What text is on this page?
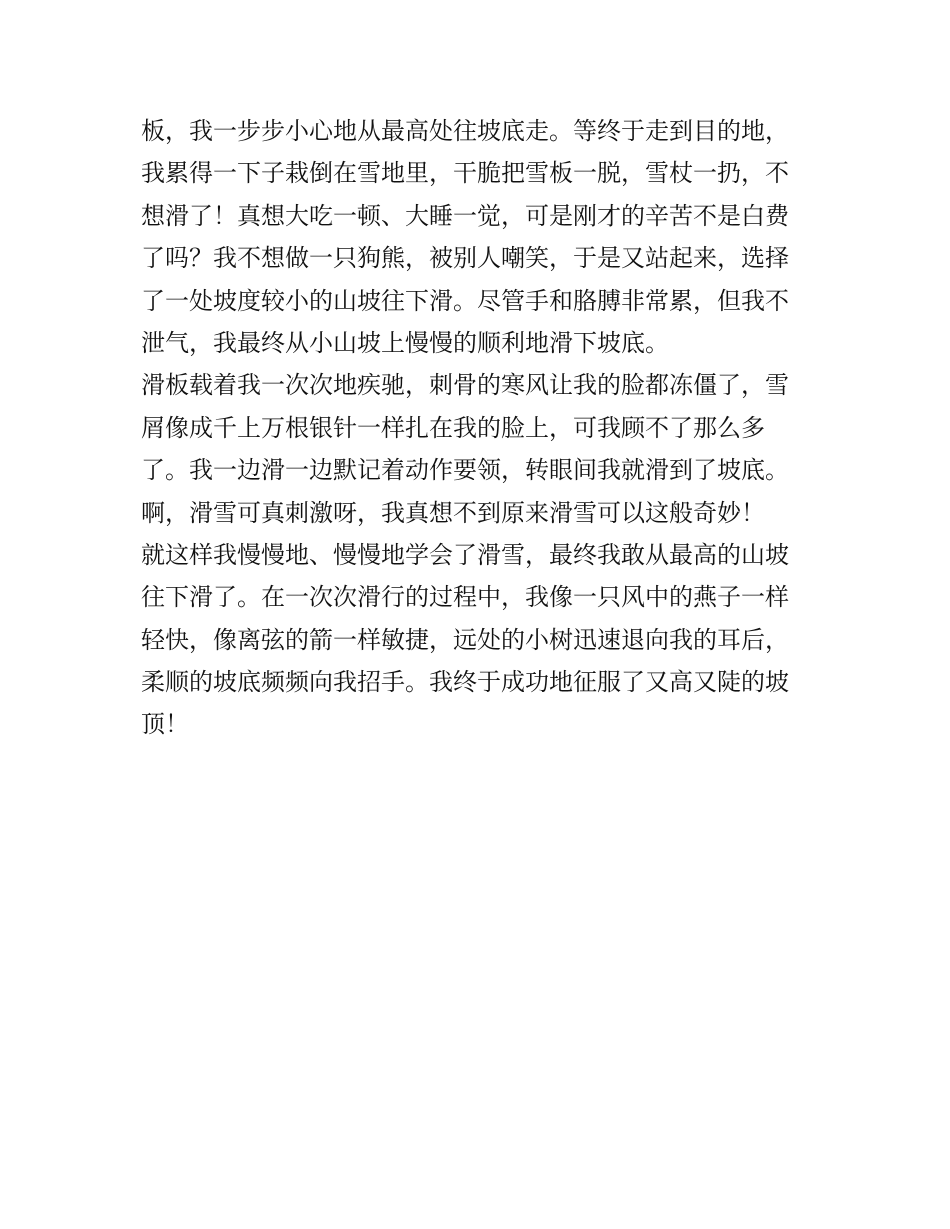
板，我一步步小心地从最高处往坡底走。等终于走到目的地，
我累得一下子栽倒在雪地里，干脆把雪板一脱，雪杖一扔，不
想滑了！真想大吃一顿、大睡一觉，可是刚才的辛苦不是白费
了吗？我不想做一只狗熊，被别人嘲笑，于是又站起来，选择
了一处坡度较小的山坡往下滑。尽管手和胳膊非常累，但我不
泄气，我最终从小山坡上慢慢的顺利地滑下坡底。
滑板载着我一次次地疾驰，刺骨的寒风让我的脸都冻僵了，雪
屑像成千上万根银针一样扎在我的脸上，可我顾不了那么多
了。我一边滑一边默记着动作要领，转眼间我就滑到了坡底。
啊，滑雪可真刺激呀，我真想不到原来滑雪可以这般奇妙！
就这样我慢慢地、慢慢地学会了滑雪，最终我敢从最高的山坡
往下滑了。在一次次滑行的过程中，我像一只风中的燕子一样
轻快，像离弦的箭一样敏捷，远处的小树迅速退向我的耳后，
柔顺的坡底频频向我招手。我终于成功地征服了又高又陡的坡
顶！
